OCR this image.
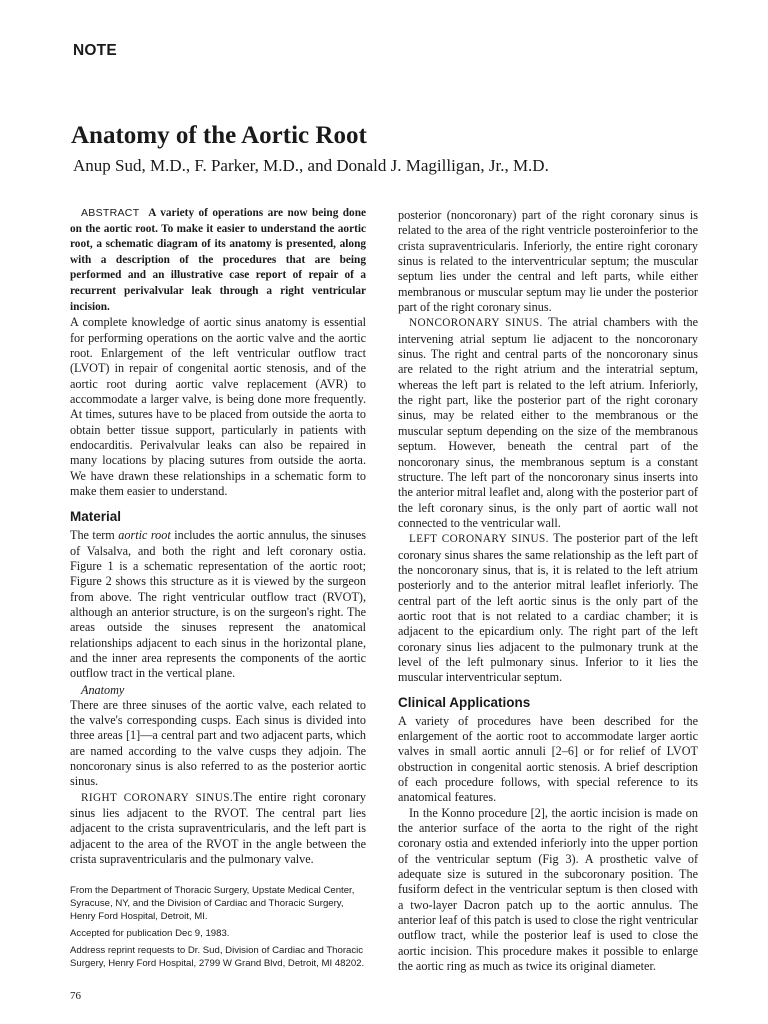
NOTE
Anatomy of the Aortic Root
Anup Sud, M.D., F. Parker, M.D., and Donald J. Magilligan, Jr., M.D.

ABSTRACT A variety of operations are now being done on the aortic root. To make it easier to understand the aortic root, a schematic diagram of its anatomy is presented, along with a description of the procedures that are being performed and an illustrative case report of repair of a recurrent perivalvular leak through a right ventricular incision.

A complete knowledge of aortic sinus anatomy is essential for performing operations on the aortic valve and the aortic root. Enlargement of the left ventricular outflow tract (LVOT) in repair of congenital aortic stenosis, and of the aortic root during aortic valve replacement (AVR) to accommodate a larger valve, is being done more frequently. At times, sutures have to be placed from outside the aorta to obtain better tissue support, particularly in patients with endocarditis. Perivalvular leaks can also be repaired in many locations by placing sutures from outside the aorta. We have drawn these relationships in a schematic form to make them easier to understand.

Material

The term aortic root includes the aortic annulus, the sinuses of Valsalva, and both the right and left coronary ostia. Figure 1 is a schematic representation of the aortic root; Figure 2 shows this structure as it is viewed by the surgeon from above. The right ventricular outflow tract (RVOT), although an anterior structure, is on the surgeon's right. The areas outside the sinuses represent the anatomical relationships adjacent to each sinus in the horizontal plane, and the inner area represents the components of the aortic outflow tract in the vertical plane.

Anatomy

There are three sinuses of the aortic valve, each related to the valve's corresponding cusps. Each sinus is divided into three areas [1]—a central part and two adjacent parts, which are named according to the valve cusps they adjoin. The noncoronary sinus is also referred to as the posterior aortic sinus.

RIGHT CORONARY SINUS.The entire right coronary sinus lies adjacent to the RVOT. The central part lies adjacent to the crista supraventricularis, and the left part is adjacent to the area of the RVOT in the angle between the crista supraventricularis and the pulmonary valve.

From the Department of Thoracic Surgery, Upstate Medical Center, Syracuse, NY, and the Division of Cardiac and Thoracic Surgery, Henry Ford Hospital, Detroit, MI.

Accepted for publication Dec 9, 1983.

Address reprint requests to Dr. Sud, Division of Cardiac and Thoracic Surgery, Henry Ford Hospital, 2799 W Grand Blvd, Detroit, MI 48202.

posterior (noncoronary) part of the right coronary sinus is related to the area of the right ventricle posteroinferior to the crista supraventricularis. Inferiorly, the entire right coronary sinus is related to the interventricular septum; the muscular septum lies under the central and left parts, while either membranous or muscular septum may lie under the posterior part of the right coronary sinus.

NONCORONARY SINUS. The atrial chambers with the intervening atrial septum lie adjacent to the noncoronary sinus. The right and central parts of the noncoronary sinus are related to the right atrium and the interatrial septum, whereas the left part is related to the left atrium. Inferiorly, the right part, like the posterior part of the right coronary sinus, may be related either to the membranous or the muscular septum depending on the size of the membranous septum. However, beneath the central part of the noncoronary sinus, the membranous septum is a constant structure. The left part of the noncoronary sinus inserts into the anterior mitral leaflet and, along with the posterior part of the left coronary sinus, is the only part of aortic wall not connected to the ventricular wall.

LEFT CORONARY SINUS. The posterior part of the left coronary sinus shares the same relationship as the left part of the noncoronary sinus, that is, it is related to the left atrium posteriorly and to the anterior mitral leaflet inferiorly. The central part of the left aortic sinus is the only part of the aortic root that is not related to a cardiac chamber; it is adjacent to the epicardium only. The right part of the left coronary sinus lies adjacent to the pulmonary trunk at the level of the left pulmonary sinus. Inferior to it lies the muscular interventricular septum.

Clinical Applications

A variety of procedures have been described for the enlargement of the aortic root to accommodate larger aortic valves in small aortic annuli [2–6] or for relief of LVOT obstruction in congenital aortic stenosis. A brief description of each procedure follows, with special reference to its anatomical features.

In the Konno procedure [2], the aortic incision is made on the anterior surface of the aorta to the right of the right coronary ostia and extended inferiorly into the upper portion of the ventricular septum (Fig 3). A prosthetic valve of adequate size is sutured in the subcoronary position. The fusiform defect in the ventricular septum is then closed with a two-layer Dacron patch up to the aortic annulus. The anterior leaf of this patch is used to close the right ventricular outflow tract, while the posterior leaf is used to close the aortic incision. This procedure makes it possible to enlarge the aortic ring as much as twice its original diameter.

76
